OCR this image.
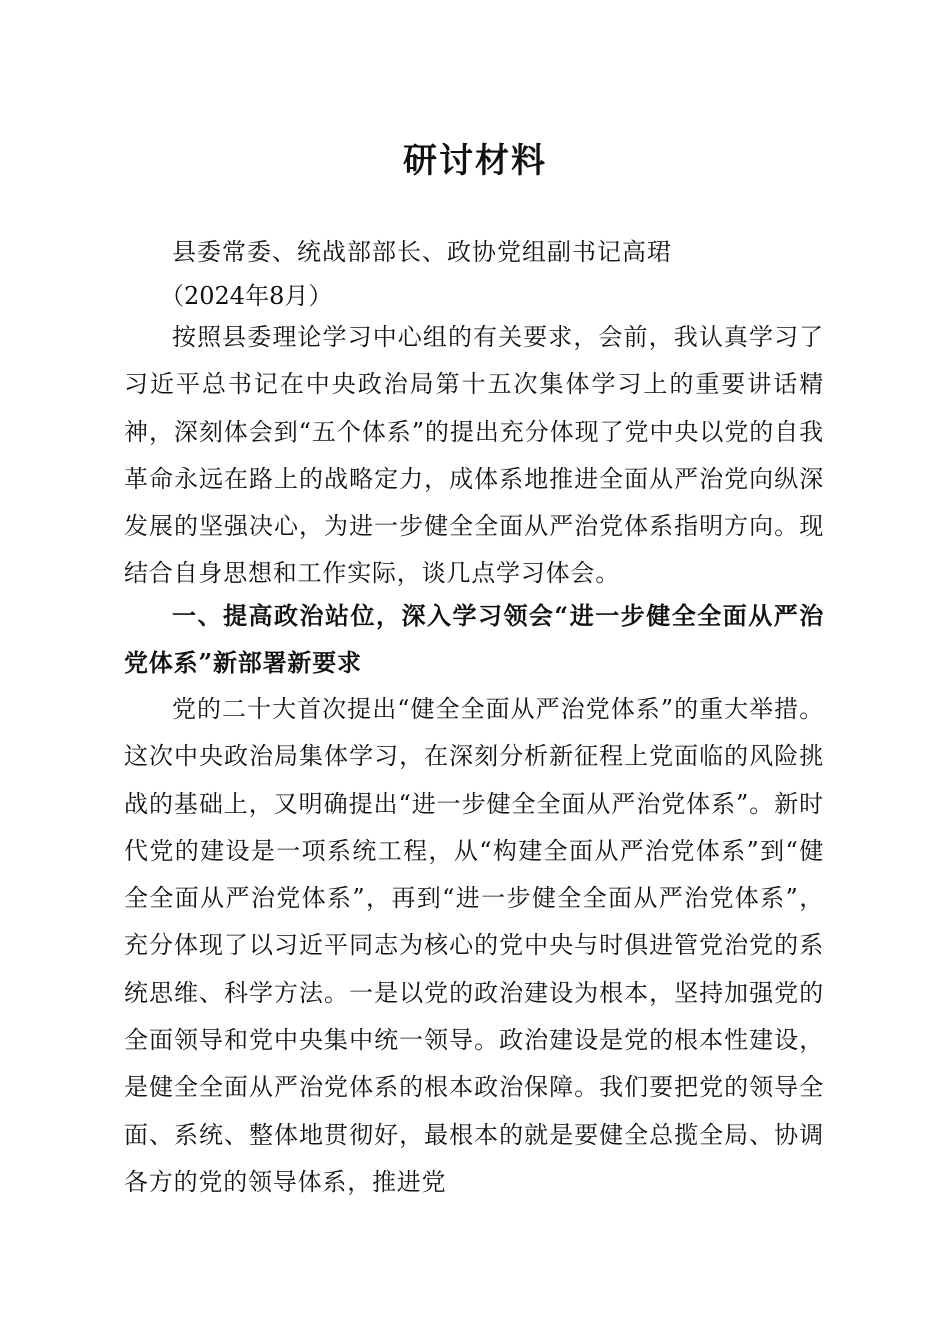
研讨材料
县委常委、统战部部长、政协党组副书记高珺
（2024年8月）

按照县委理论学习中心组的有关要求，会前，我认真学习了习近平总书记在中央政治局第十五次集体学习上的重要讲话精神，深刻体会到“五个体系”的提出充分体现了党中央以党的自我革命永远在路上的战略定力，成体系地推进全面从严治党向纵深发展的坚强决心，为进一步健全全面从严治党体系指明方向。现结合自身思想和工作实际，谈几点学习体会。

一、提高政治站位，深入学习领会“进一步健全全面从严治党体系”新部署新要求

党的二十大首次提出“健全全面从严治党体系”的重大举措。这次中央政治局集体学习，在深刻分析新征程上党面临的风险挑战的基础上，又明确提出“进一步健全全面从严治党体系”。新时代党的建设是一项系统工程，从“构建全面从严治党体系”到“健全全面从严治党体系”，再到“进一步健全全面从严治党体系”，充分体现了以习近平同志为核心的党中央与时俱进管党治党的系统思维、科学方法。一是以党的政治建设为根本，坚持加强党的全面领导和党中央集中统一领导。政治建设是党的根本性建设，是健全全面从严治党体系的根本政治保障。我们要把党的领导全面、系统、整体地贯彻好，最根本的就是要健全总揽全局、协调各方的党的领导体系，推进党
